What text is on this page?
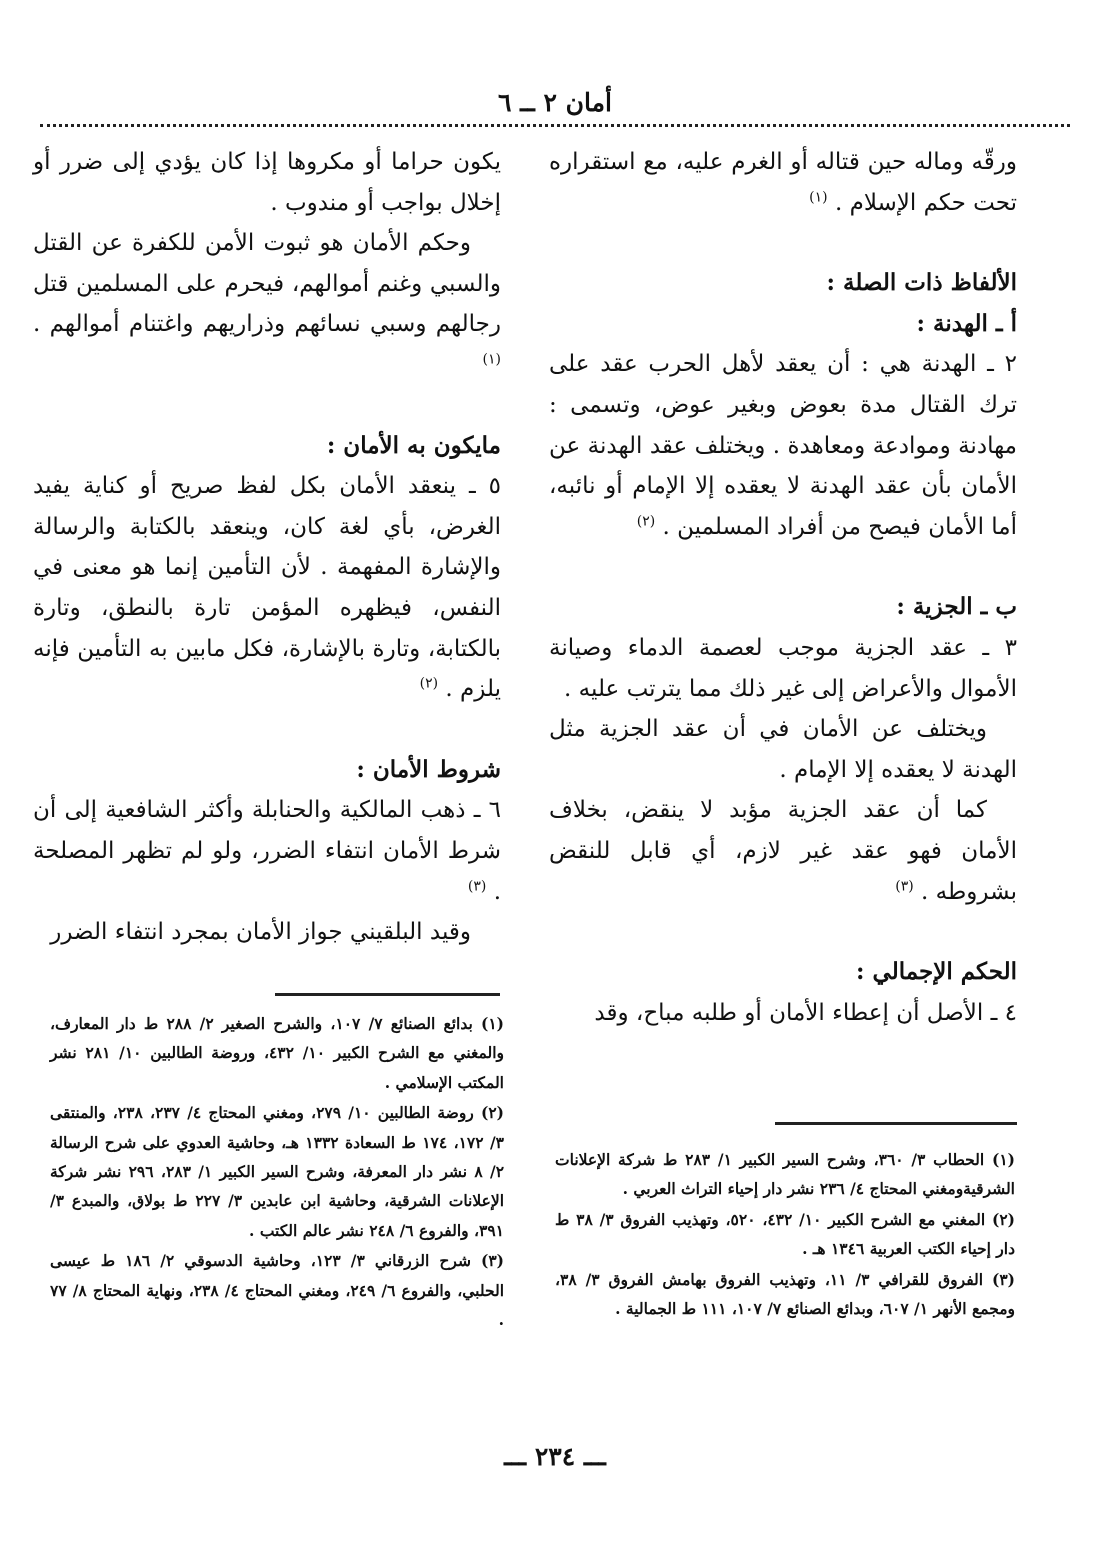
أمان ٢ ــ ٦

ورقّه وماله حين قتاله أو الغرم عليه، مع استقراره تحت حكم الإسلام . $^{(١)}$

الألفاظ ذات الصلة :

أ ـ الهدنة :

٢ ـ الهدنة هي : أن يعقد لأهل الحرب عقد على ترك القتال مدة بعوض وبغير عوض، وتسمى : مهادنة وموادعة ومعاهدة . ويختلف عقد الهدنة عن الأمان بأن عقد الهدنة لا يعقده إلا الإمام أو نائبه، أما الأمان فيصح من أفراد المسلمين . $^{(٢)}$

ب ـ الجزية :

٣ ـ عقد الجزية موجب لعصمة الدماء وصيانة الأموال والأعراض إلى غير ذلك مما يترتب عليه .

ويختلف عن الأمان في أن عقد الجزية مثل الهدنة لا يعقده إلا الإمام .

كما أن عقد الجزية مؤبد لا ينقض، بخلاف الأمان فهو عقد غير لازم، أي قابل للنقض بشروطه . $^{(٣)}$

الحكم الإجمالي :

٤ ـ الأصل أن إعطاء الأمان أو طلبه مباح، وقد

يكون حراما أو مكروها إذا كان يؤدي إلى ضرر أو إخلال بواجب أو مندوب .

وحكم الأمان هو ثبوت الأمن للكفرة عن القتل والسبي وغنم أموالهم، فيحرم على المسلمين قتل رجالهم وسبي نسائهم وذراريهم واغتنام أموالهم . $^{(١)}$

مايكون به الأمان :

٥ ـ ينعقد الأمان بكل لفظ صريح أو كناية يفيد الغرض، بأي لغة كان، وينعقد بالكتابة والرسالة والإشارة المفهمة . لأن التأمين إنما هو معنى في النفس، فيظهره المؤمن تارة بالنطق، وتارة بالكتابة، وتارة بالإشارة، فكل مابين به التأمين فإنه يلزم . $^{(٢)}$

شروط الأمان :

٦ ـ ذهب المالكية والحنابلة وأكثر الشافعية إلى أن شرط الأمان انتفاء الضرر، ولو لم تظهر المصلحة . $^{(٣)}$

وقيد البلقيني جواز الأمان بمجرد انتفاء الضرر

(١) بدائع الصنائع ٧/ ١٠٧، والشرح الصغير ٢/ ٢٨٨ ط دار المعارف، والمغني مع الشرح الكبير ١٠/ ٤٣٢، وروضة الطالبين ١٠/ ٢٨١ نشر المكتب الإسلامي .

(٢) روضة الطالبين ١٠/ ٢٧٩، ومغني المحتاج ٤/ ٢٣٧، ٢٣٨، والمنتقى ٣/ ١٧٢، ١٧٤ ط السعادة ١٣٣٢ هـ، وحاشية العدوي على شرح الرسالة ٢/ ٨ نشر دار المعرفة، وشرح السير الكبير ١/ ٢٨٣، ٢٩٦ نشر شركة الإعلانات الشرقية، وحاشية ابن عابدين ٣/ ٢٢٧ ط بولاق، والمبدع ٣/ ٣٩١، والفروع ٦/ ٢٤٨ نشر عالم الكتب .

(٣) شرح الزرقاني ٣/ ١٢٣، وحاشية الدسوقي ٢/ ١٨٦ ط عيسى الحلبي، والفروع ٦/ ٢٤٩، ومغني المحتاج ٤/ ٢٣٨، ونهاية المحتاج ٨/ ٧٧ .

(١) الحطاب ٣/ ٣٦٠، وشرح السير الكبير ١/ ٢٨٣ ط شركة الإعلانات الشرقيةومغني المحتاج ٤/ ٢٣٦ نشر دار إحياء التراث العربي .

(٢) المغني مع الشرح الكبير ١٠/ ٤٣٢، ٥٢٠، وتهذيب الفروق ٣/ ٣٨ ط دار إحياء الكتب العربية ١٣٤٦ هـ .

(٣) الفروق للقرافي ٣/ ١١، وتهذيب الفروق بهامش الفروق ٣/ ٣٨، ومجمع الأنهر ١/ ٦٠٧، وبدائع الصنائع ٧/ ١٠٧، ١١١ ط الجمالية .

ـــ ٢٣٤ ـــ
